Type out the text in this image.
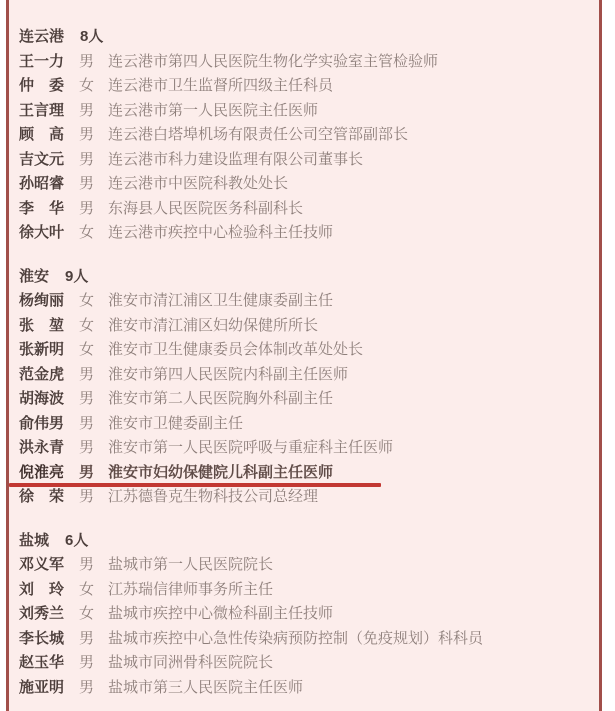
连云港 8人
王一力 男 连云港市第四人民医院生物化学实验室主管检验师
仲　委 女 连云港市卫生监督所四级主任科员
王言理 男 连云港市第一人民医院主任医师
顾　高 男 连云港白塔埠机场有限责任公司空管部副部长
吉文元 男 连云港市科力建设监理有限公司董事长
孙昭睿 男 连云港市中医院科教处处长
李　华 男 东海县人民医院医务科副科长
徐大叶 女 连云港市疾控中心检验科主任技师
淮安 9人
杨绚丽 女 淮安市清江浦区卫生健康委副主任
张　堃 女 淮安市清江浦区妇幼保健所所长
张新明 女 淮安市卫生健康委员会体制改革处处长
范金虎 男 淮安市第四人民医院内科副主任医师
胡海波 男 淮安市第二人民医院胸外科副主任
俞伟男 男 淮安市卫健委副主任
洪永青 男 淮安市第一人民医院呼吸与重症科主任医师
倪淮亮 男 淮安市妇幼保健院儿科副主任医师
徐　荣 男 江苏德鲁克生物科技公司总经理
盐城 6人
邓义军 男 盐城市第一人民医院院长
刘　玲 女 江苏瑞信律师事务所主任
刘秀兰 女 盐城市疾控中心微检科副主任技师
李长城 男 盐城市疾控中心急性传染病预防控制（免疫规划）科科员
赵玉华 男 盐城市同洲骨科医院院长
施亚明 男 盐城市第三人民医院主任医师
